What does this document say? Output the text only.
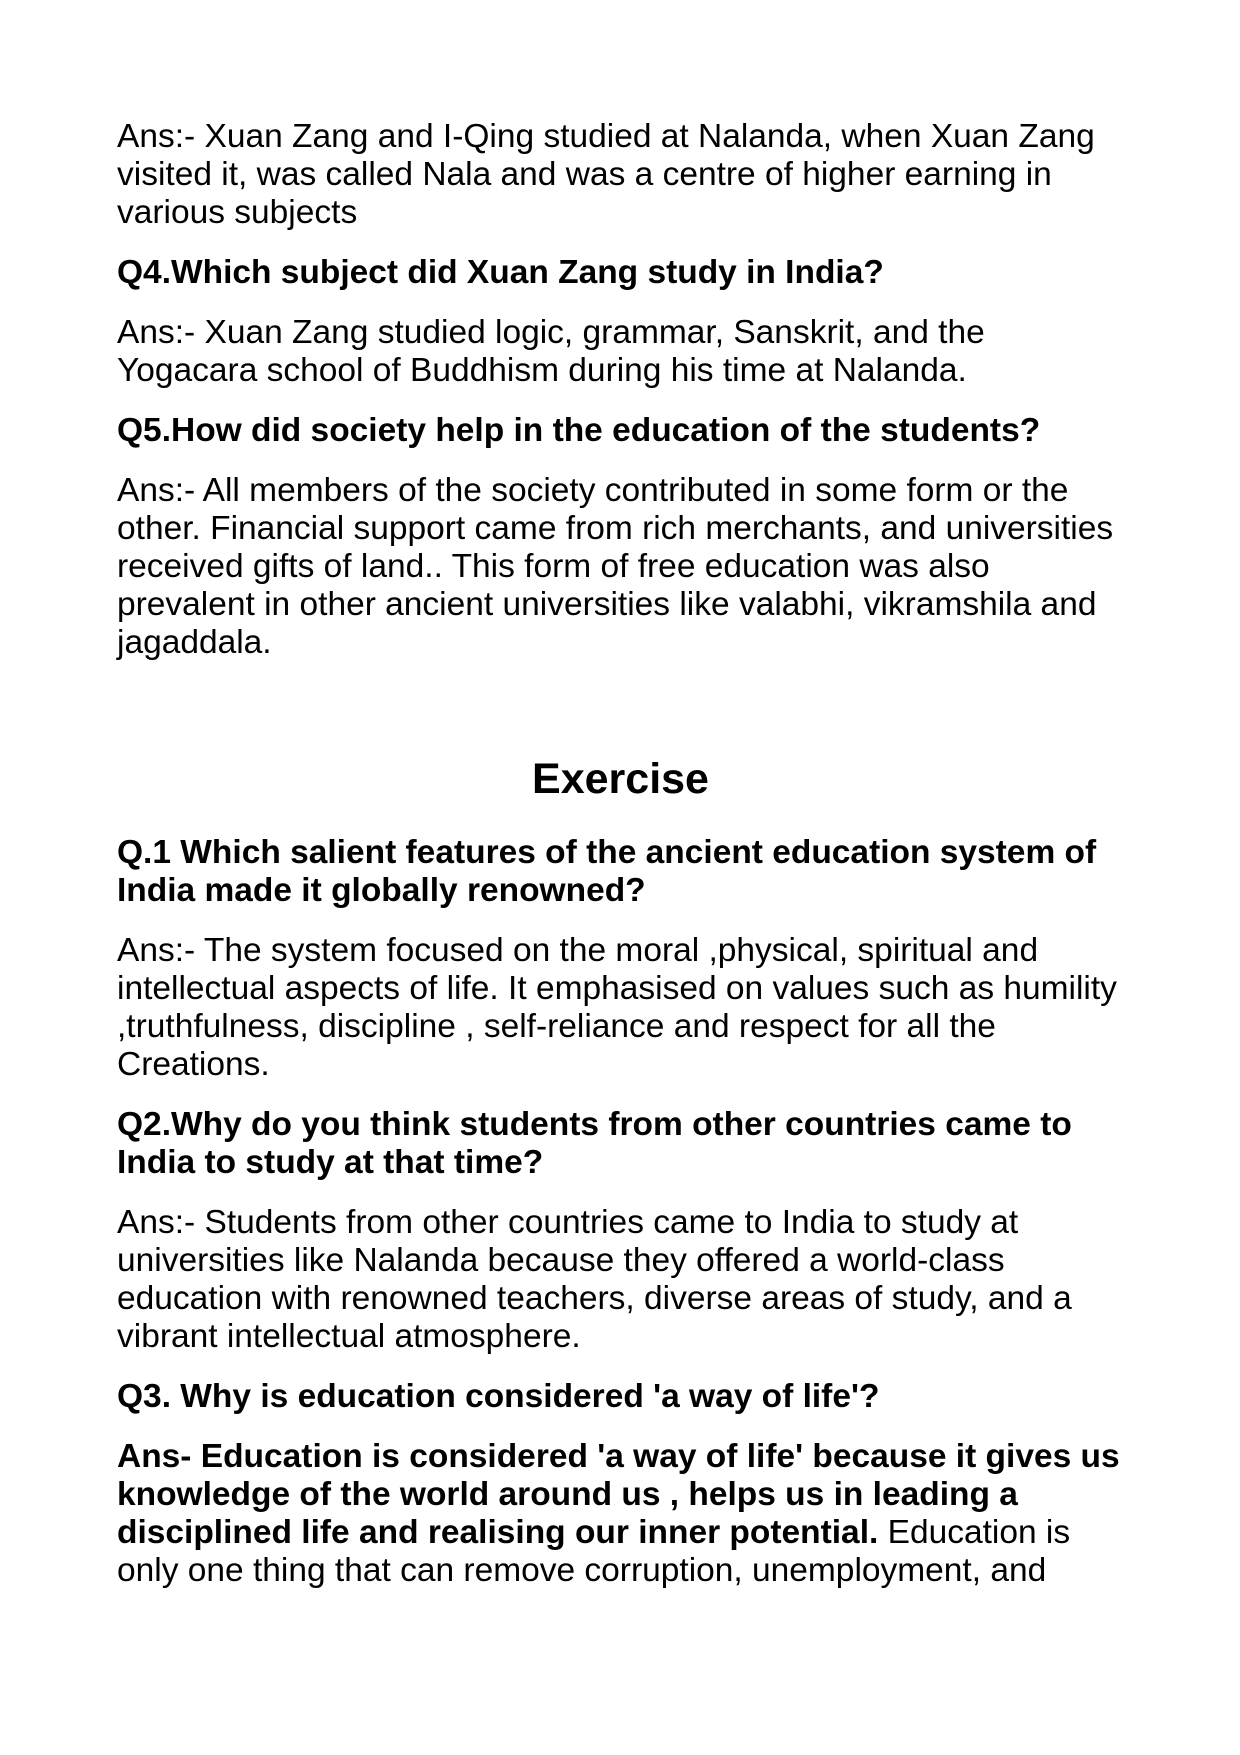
Ans:- Xuan Zang and I-Qing studied at Nalanda, when Xuan Zang visited it, was called Nala and was a centre of higher earning in various subjects

Q4.Which subject did Xuan Zang study in India?

Ans:- Xuan Zang studied logic, grammar, Sanskrit, and the Yogacara school of Buddhism during his time at Nalanda.

Q5.How did society help in the education of the students?

Ans:- All members of the society contributed in some form or the other. Financial support came from rich merchants, and universities received gifts of land.. This form of free education was also prevalent in other ancient universities like valabhi, vikramshila and jagaddala.

Exercise

Q.1 Which salient features of the ancient education system of India made it globally renowned?

Ans:- The system focused on the moral ,physical, spiritual and intellectual aspects of life. It emphasised on values such as humility ,truthfulness, discipline , self-reliance and respect for all the Creations.

Q2.Why do you think students from other countries came to India to study at that time?

Ans:- Students from other countries came to India to study at universities like Nalanda because they offered a world-class education with renowned teachers, diverse areas of study, and a vibrant intellectual atmosphere.

Q3. Why is education considered 'a way of life'?

Ans- Education is considered 'a way of life' because it gives us knowledge of the world around us , helps us in leading a disciplined life and realising our inner potential. Education is only one thing that can remove corruption, unemployment, and
